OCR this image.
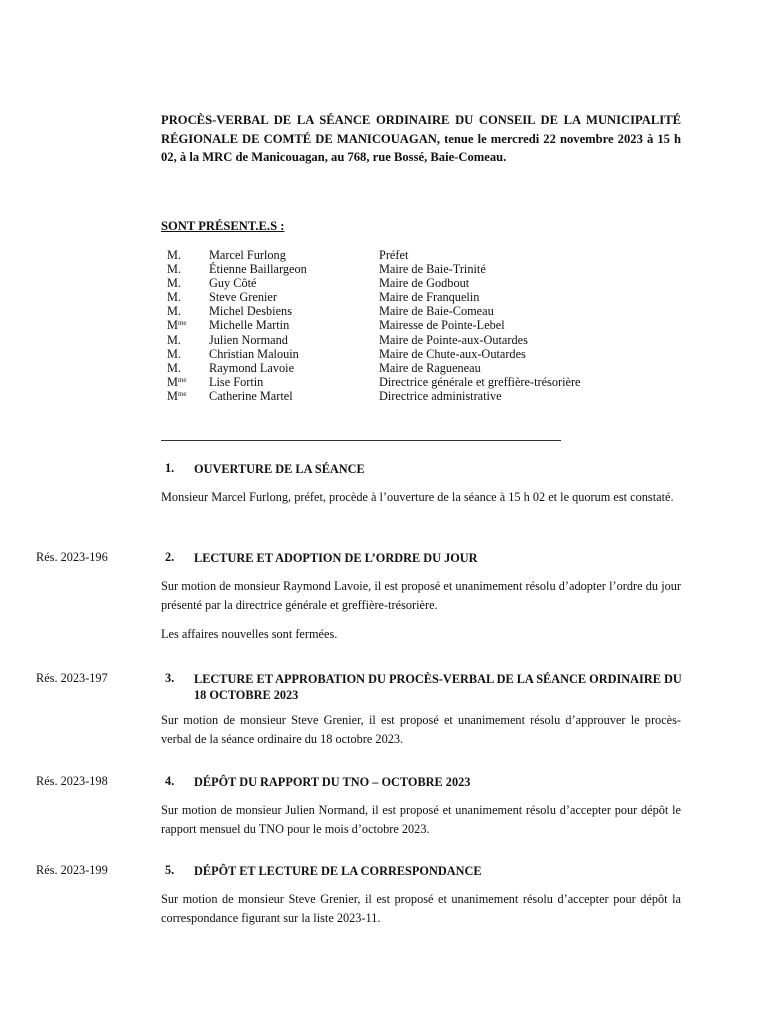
PROCÈS-VERBAL DE LA SÉANCE ORDINAIRE DU CONSEIL DE LA MUNICIPALITÉ RÉGIONALE DE COMTÉ DE MANICOUAGAN, tenue le mercredi 22 novembre 2023 à 15 h 02, à la MRC de Manicouagan, au 768, rue Bossé, Baie-Comeau.
SONT PRÉSENT.E.S :
M. Marcel Furlong	Préfet
M. Étienne Baillargeon	Maire de Baie-Trinité
M. Guy Côté	Maire de Godbout
M. Steve Grenier	Maire de Franquelin
M. Michel Desbiens	Maire de Baie-Comeau
$M^{me}$ Michelle Martin	Mairesse de Pointe-Lebel
M. Julien Normand	Maire de Pointe-aux-Outardes
M. Christian Malouin	Maire de Chute-aux-Outardes
M. Raymond Lavoie	Maire de Ragueneau
$M^{me}$ Lise Fortin	Directrice générale et greffière-trésorière
$M^{me}$ Catherine Martel	Directrice administrative
1. OUVERTURE DE LA SÉANCE
Monsieur Marcel Furlong, préfet, procède à l’ouverture de la séance à 15 h 02 et le quorum est constaté.
Rés. 2023-196	2. LECTURE ET ADOPTION DE L’ORDRE DU JOUR
Sur motion de monsieur Raymond Lavoie, il est proposé et unanimement résolu d’adopter l’ordre du jour présenté par la directrice générale et greffière-trésorière.
Les affaires nouvelles sont fermées.
Rés. 2023-197	3. LECTURE ET APPROBATION DU PROCÈS-VERBAL DE LA SÉANCE ORDINAIRE DU 18 OCTOBRE 2023
Sur motion de monsieur Steve Grenier, il est proposé et unanimement résolu d’approuver le procès-verbal de la séance ordinaire du 18 octobre 2023.
Rés. 2023-198	4. DÉPÔT DU RAPPORT DU TNO – OCTOBRE 2023
Sur motion de monsieur Julien Normand, il est proposé et unanimement résolu d’accepter pour dépôt le rapport mensuel du TNO pour le mois d’octobre 2023.
Rés. 2023-199	5. DÉPÔT ET LECTURE DE LA CORRESPONDANCE
Sur motion de monsieur Steve Grenier, il est proposé et unanimement résolu d’accepter pour dépôt la correspondance figurant sur la liste 2023-11.
